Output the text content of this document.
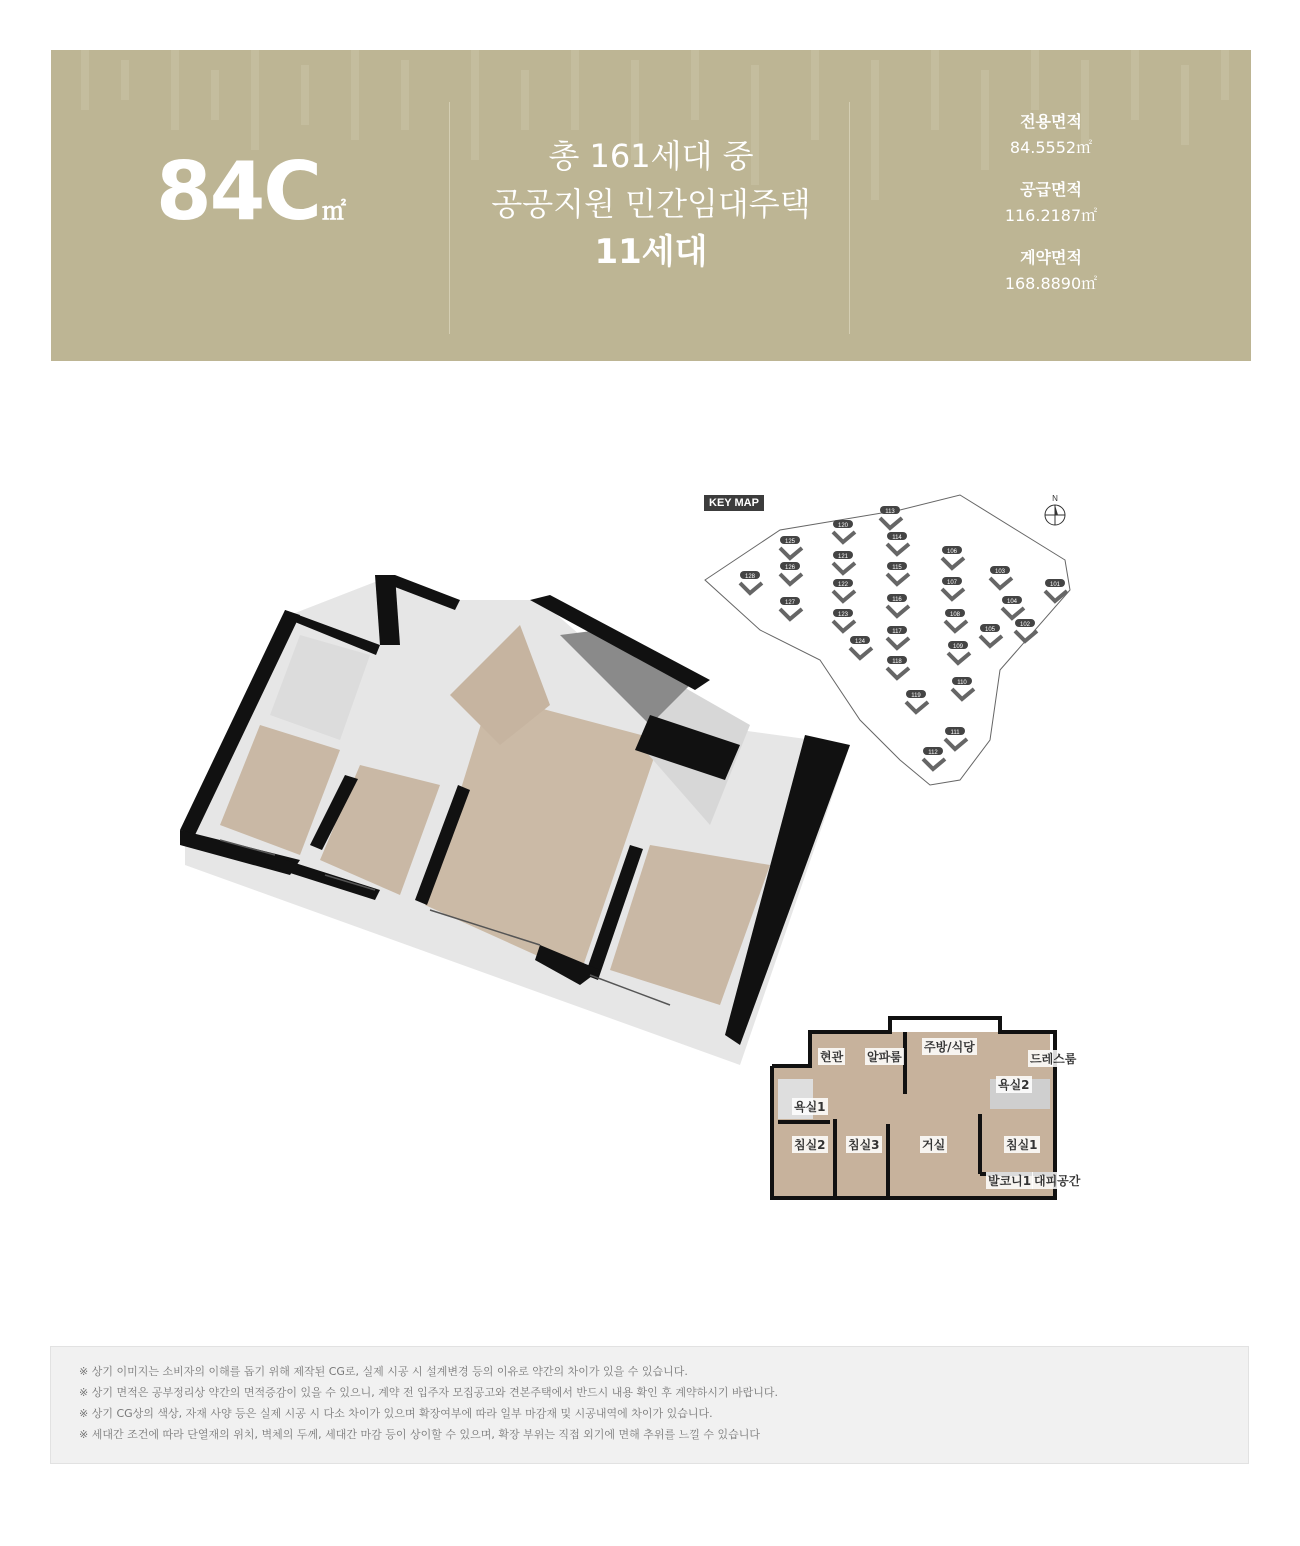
84C㎡
총 161세대 중
공공지원 민간임대주택
11세대
전용면적
84.5552㎡
공급면적
116.2187㎡
계약면적
168.8890㎡
101
102
103
104
105
106
107
108
109
110
111
112
113
114
115
116
117
118
119
120
121
122
123
124
125
126
127
128
KEY MAP	N
현관 알파룸
주방/식당
드레스룸
욕실1
욕실2
침실2 침실3	거실	침실1
발코니1 대피공간

※ 상기 이미지는 소비자의 이해를 돕기 위해 제작된 CG로, 실제 시공 시 설계변경 등의 이유로 약간의 차이가 있을 수 있습니다.

※ 상기 면적은 공부정리상 약간의 면적증감이 있을 수 있으니, 계약 전 입주자 모집공고와 견본주택에서 반드시 내용 확인 후 계약하시기 바랍니다.

※ 상기 CG상의 색상, 자재 사양 등은 실제 시공 시 다소 차이가 있으며 확장여부에 따라 일부 마감재 및 시공내역에 차이가 있습니다.

※ 세대간 조건에 따라 단열재의 위치, 벽체의 두께, 세대간 마감 등이 상이할 수 있으며, 확장 부위는 직접 외기에 면해 추위를 느낄 수 있습니다
